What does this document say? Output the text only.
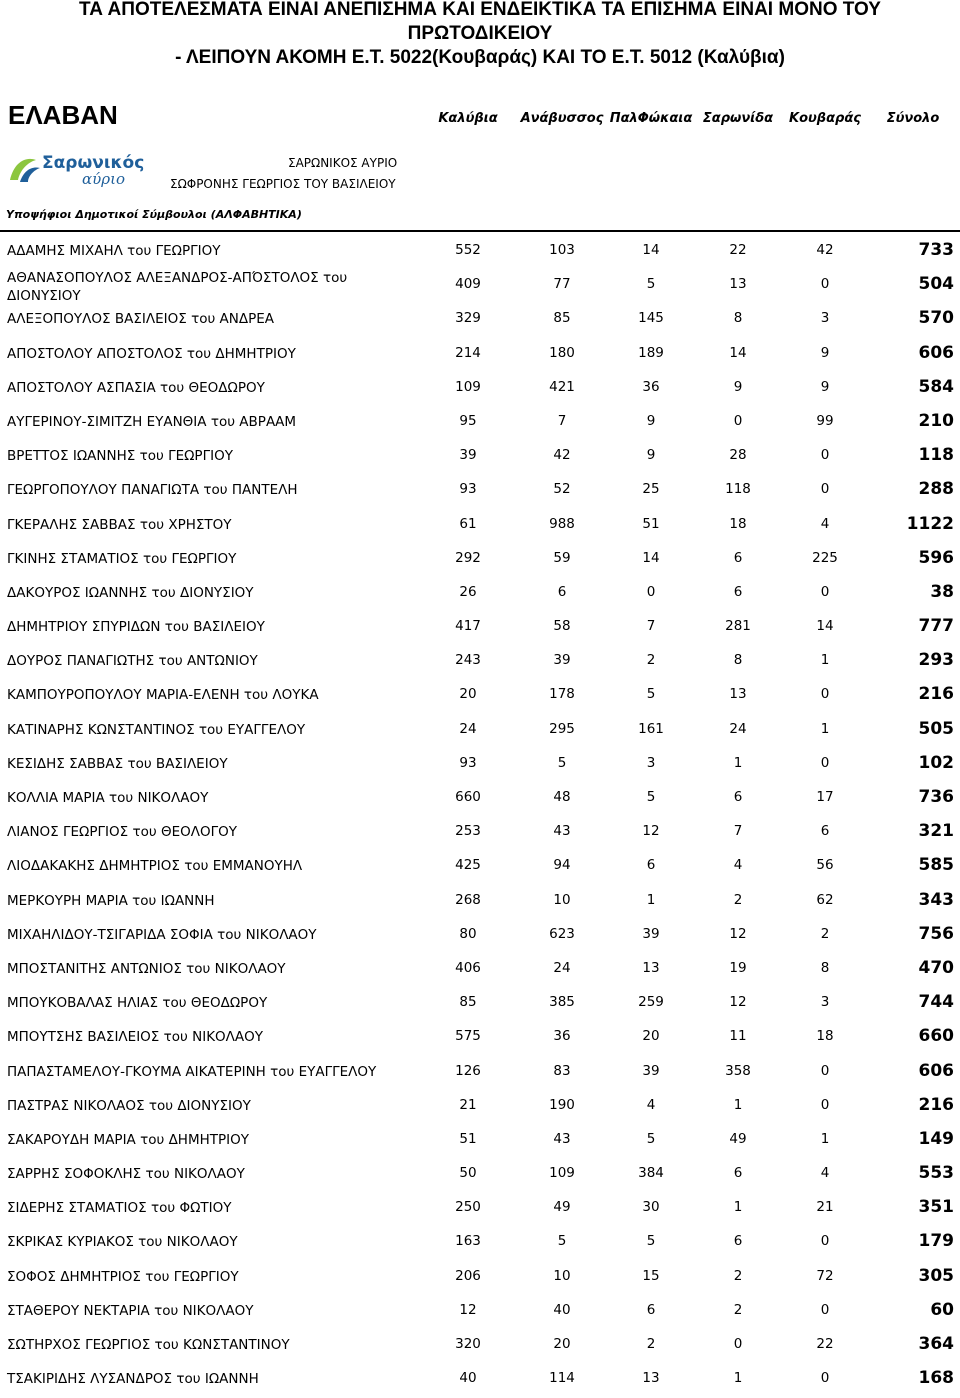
ΤΑ ΑΠΟΤΕΛΕΣΜΑΤΑ ΕΙΝΑΙ ΑΝΕΠΙΣΗΜΑ ΚΑΙ ΕΝΔΕΙΚΤΙΚΑ ΤΑ ΕΠΙΣΗΜΑ ΕΙΝΑΙ ΜΟΝΟ ΤΟΥ
ΠΡΩΤΟΔΙΚΕΙΟΥ
- ΛΕΙΠΟΥΝ ΑΚΟΜΗ Ε.Τ. 5022(Κουβαράς) ΚΑΙ ΤΟ Ε.Τ. 5012 (Καλύβια)
ΕΛΑΒΑΝ	Καλύβια Ανάβυσσος ΠαλΦώκαια Σαρωνίδα Κουβαράς Σύνολο
Σαρωνικός
αύριο
ΣΑΡΩΝΙΚΟΣ ΑΥΡΙΟ
ΣΩΦΡΟΝΗΣ ΓΕΩΡΓΙΟΣ ΤΟΥ ΒΑΣΙΛΕΙΟΥ
Υποψήφιοι Δημοτικοί Σύμβουλοι (ΑΛΦΑΒΗΤΙΚΑ)
ΑΔΑΜΗΣ ΜΙΧΑΗΛ του ΓΕΩΡΓΙΟΥ	552	103	14	22	42	733
ΑΘΑΝΑΣΟΠΟΥΛΟΣ ΑΛΕΞΑΝΔΡΟΣ-ΑΠΌΣΤΟΛΟΣ του ΔΙΟΝΥΣΙΟΥ
409	77	5	13	0	504
ΑΛΕΞΟΠΟΥΛΟΣ ΒΑΣΙΛΕΙΟΣ του ΑΝΔΡΕΑ	329	85	145	8	3	570
ΑΠΟΣΤΟΛΟΥ ΑΠΟΣΤΟΛΟΣ του ΔΗΜΗΤΡΙΟΥ	214	180	189	14	9	606
ΑΠΟΣΤΟΛΟΥ ΑΣΠΑΣΙΑ του ΘΕΟΔΩΡΟΥ	109	421	36	9	9	584
ΑΥΓΕΡΙΝΟΥ-ΣΙΜΙΤΖΗ ΕΥΑΝΘΙΑ του ΑΒΡΑΑΜ	95	7	9	0	99	210
ΒΡΕΤΤΟΣ ΙΩΑΝΝΗΣ του ΓΕΩΡΓΙΟΥ	39	42	9	28	0	118
ΓΕΩΡΓΟΠΟΥΛΟΥ ΠΑΝΑΓΙΩΤΑ του ΠΑΝΤΕΛΗ	93	52	25	118	0	288
ΓΚΕΡΑΛΗΣ ΣΑΒΒΑΣ του ΧΡΗΣΤΟΥ	61	988	51	18	4	1122
ΓΚΙΝΗΣ ΣΤΑΜΑΤΙΟΣ του ΓΕΩΡΓΙΟΥ	292	59	14	6	225	596
ΔΑΚΟΥΡΟΣ ΙΩΑΝΝΗΣ του ΔΙΟΝΥΣΙΟΥ	26	6	0	6	0	38
ΔΗΜΗΤΡΙΟΥ ΣΠΥΡΙΔΩΝ του ΒΑΣΙΛΕΙΟΥ	417	58	7	281	14	777
ΔΟΥΡΟΣ ΠΑΝΑΓΙΩΤΗΣ του ΑΝΤΩΝΙΟΥ	243	39	2	8	1	293
ΚΑΜΠΟΥΡΟΠΟΥΛΟΥ ΜΑΡΙΑ-ΕΛΕΝΗ του ΛΟΥΚΑ	20	178	5	13	0	216
ΚΑΤΙΝΑΡΗΣ ΚΩΝΣΤΑΝΤΙΝΟΣ του ΕΥΑΓΓΕΛΟΥ	24	295	161	24	1	505
ΚΕΣΙΔΗΣ ΣΑΒΒΑΣ του ΒΑΣΙΛΕΙΟΥ	93	5	3	1	0	102
ΚΟΛΛΙΑ ΜΑΡΙΑ του ΝΙΚΟΛΑΟΥ	660	48	5	6	17	736
ΛΙΑΝΟΣ ΓΕΩΡΓΙΟΣ του ΘΕΟΛΟΓΟΥ	253	43	12	7	6	321
ΛΙΟΔΑΚΑΚΗΣ ΔΗΜΗΤΡΙΟΣ του ΕΜΜΑΝΟΥΗΛ	425	94	6	4	56	585
ΜΕΡΚΟΥΡΗ ΜΑΡΙΑ του ΙΩΑΝΝΗ	268	10	1	2	62	343
ΜΙΧΑΗΛΙΔΟΥ-ΤΣΙΓΑΡΙΔΑ ΣΟΦΙΑ του ΝΙΚΟΛΑΟΥ	80	623	39	12	2	756
ΜΠΟΣΤΑΝΙΤΗΣ ΑΝΤΩΝΙΟΣ του ΝΙΚΟΛΑΟΥ	406	24	13	19	8	470
ΜΠΟΥΚΟΒΑΛΑΣ ΗΛΙΑΣ του ΘΕΟΔΩΡΟΥ	85	385	259	12	3	744
ΜΠΟΥΤΣΗΣ ΒΑΣΙΛΕΙΟΣ του ΝΙΚΟΛΑΟΥ	575	36	20	11	18	660
ΠΑΠΑΣΤΑΜΕΛΟΥ-ΓΚΟΥΜΑ ΑΙΚΑΤΕΡΙΝΗ του ΕΥΑΓΓΕΛΟΥ	126	83	39	358	0	606
ΠΑΣΤΡΑΣ ΝΙΚΟΛΑΟΣ του ΔΙΟΝΥΣΙΟΥ	21	190	4	1	0	216
ΣΑΚΑΡΟΥΔΗ ΜΑΡΙΑ του ΔΗΜΗΤΡΙΟΥ	51	43	5	49	1	149
ΣΑΡΡΗΣ ΣΟΦΟΚΛΗΣ του ΝΙΚΟΛΑΟΥ	50	109	384	6	4	553
ΣΙΔΕΡΗΣ ΣΤΑΜΑΤΙΟΣ του ΦΩΤΙΟΥ	250	49	30	1	21	351
ΣΚΡΙΚΑΣ ΚΥΡΙΑΚΟΣ του ΝΙΚΟΛΑΟΥ	163	5	5	6	0	179
ΣΟΦΟΣ ΔΗΜΗΤΡΙΟΣ του ΓΕΩΡΓΙΟΥ	206	10	15	2	72	305
ΣΤΑΘΕΡΟΥ ΝΕΚΤΑΡΙΑ του ΝΙΚΟΛΑΟΥ	12	40	6	2	0	60
ΣΩΤΗΡΧΟΣ ΓΕΩΡΓΙΟΣ του ΚΩΝΣΤΑΝΤΙΝΟΥ	320	20	2	0	22	364
ΤΣΑΚΙΡΙΔΗΣ ΛΥΣΑΝΔΡΟΣ του ΙΩΑΝΝΗ	40	114	13	1	0	168
